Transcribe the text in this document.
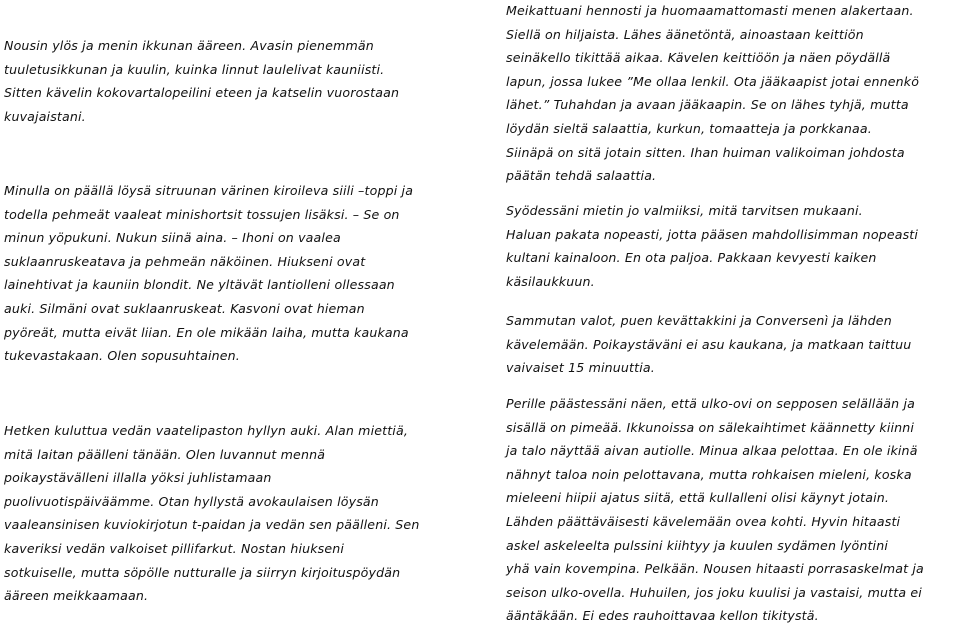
Nousin ylös ja menin ikkunan ääreen. Avasin pienemmän
tuuletusikkunan ja kuulin, kuinka linnut laulelivat kauniisti.
Sitten kävelin kokovartalopeilini eteen ja katselin vuorostaan
kuvajaistani.

Minulla on päällä löysä sitruunan värinen kiroileva siili –toppi ja
todella pehmeät vaaleat minishortsit tossujen lisäksi. – Se on
minun yöpukuni. Nukun siinä aina. – Ihoni on vaalea
suklaanruskeatava ja pehmeän näköinen. Hiukseni ovat
lainehtivat ja kauniin blondit. Ne yltävät lantiolleni ollessaan
auki. Silmäni ovat suklaanruskeat. Kasvoni ovat hieman
pyöreät, mutta eivät liian. En ole mikään laiha, mutta kaukana
tukevastakaan. Olen sopusuhtainen.

Hetken kuluttua vedän vaatelipaston hyllyn auki. Alan miettiä,
mitä laitan päälleni tänään. Olen luvannut mennä
poikaystävälleni illalla yöksi juhlistamaan
puolivuotispäiväämme. Otan hyllystä avokaulaisen löysän
vaaleansinisen kuviokirjotun t-paidan ja vedän sen päälleni. Sen
kaveriksi vedän valkoiset pillifarkut. Nostan hiukseni
sotkuiselle, mutta söpölle nutturalle ja siirryn kirjoituspöydän
ääreen meikkaamaan.

Meikattuani hennosti ja huomaamattomasti menen alakertaan.
Siellä on hiljaista. Lähes äänetöntä, ainoastaan keittiön
seinäkello tikittää aikaa. Kävelen keittiöön ja näen pöydällä
lapun, jossa lukee ”Me ollaa lenkil. Ota jääkaapist jotai ennenkö
lähet.” Tuhahdan ja avaan jääkaapin. Se on lähes tyhjä, mutta
löydän sieltä salaattia, kurkun, tomaatteja ja porkkanaa.
Siinäpä on sitä jotain sitten. Ihan huiman valikoiman johdosta
päätän tehdä salaattia.

Syödessäni mietin jo valmiiksi, mitä tarvitsen mukaani.
Haluan pakata nopeasti, jotta pääsen mahdollisimman nopeasti
kultani kainaloon. En ota paljoa. Pakkaan kevyesti kaiken
käsilaukkuun.

Sammutan valot, puen kevättakkini ja Conversenì ja lähden
kävelemään. Poikaystäväni ei asu kaukana, ja matkaan taittuu
vaivaiset 15 minuuttia.

Perille päästessäni näen, että ulko-ovi on sepposen selällään ja
sisällä on pimeää. Ikkunoissa on sälekaihtimet käännetty kiinni
ja talo näyttää aivan autiolle. Minua alkaa pelottaa. En ole ikinä
nähnyt taloa noin pelottavana, mutta rohkaisen mieleni, koska
mieleeni hiipii ajatus siitä, että kullalleni olisi käynyt jotain.
Lähden päättäväisesti kävelemään ovea kohti. Hyvin hitaasti
askel askeleelta pulssini kiihtyy ja kuulen sydämen lyöntini
yhä vain kovempina. Pelkään. Nousen hitaasti porrasaskelmat ja
seison ulko-ovella. Huhuilen, jos joku kuulisi ja vastaisi, mutta ei
ääntäkään. Ei edes rauhoittavaa kellon tikitystä.
